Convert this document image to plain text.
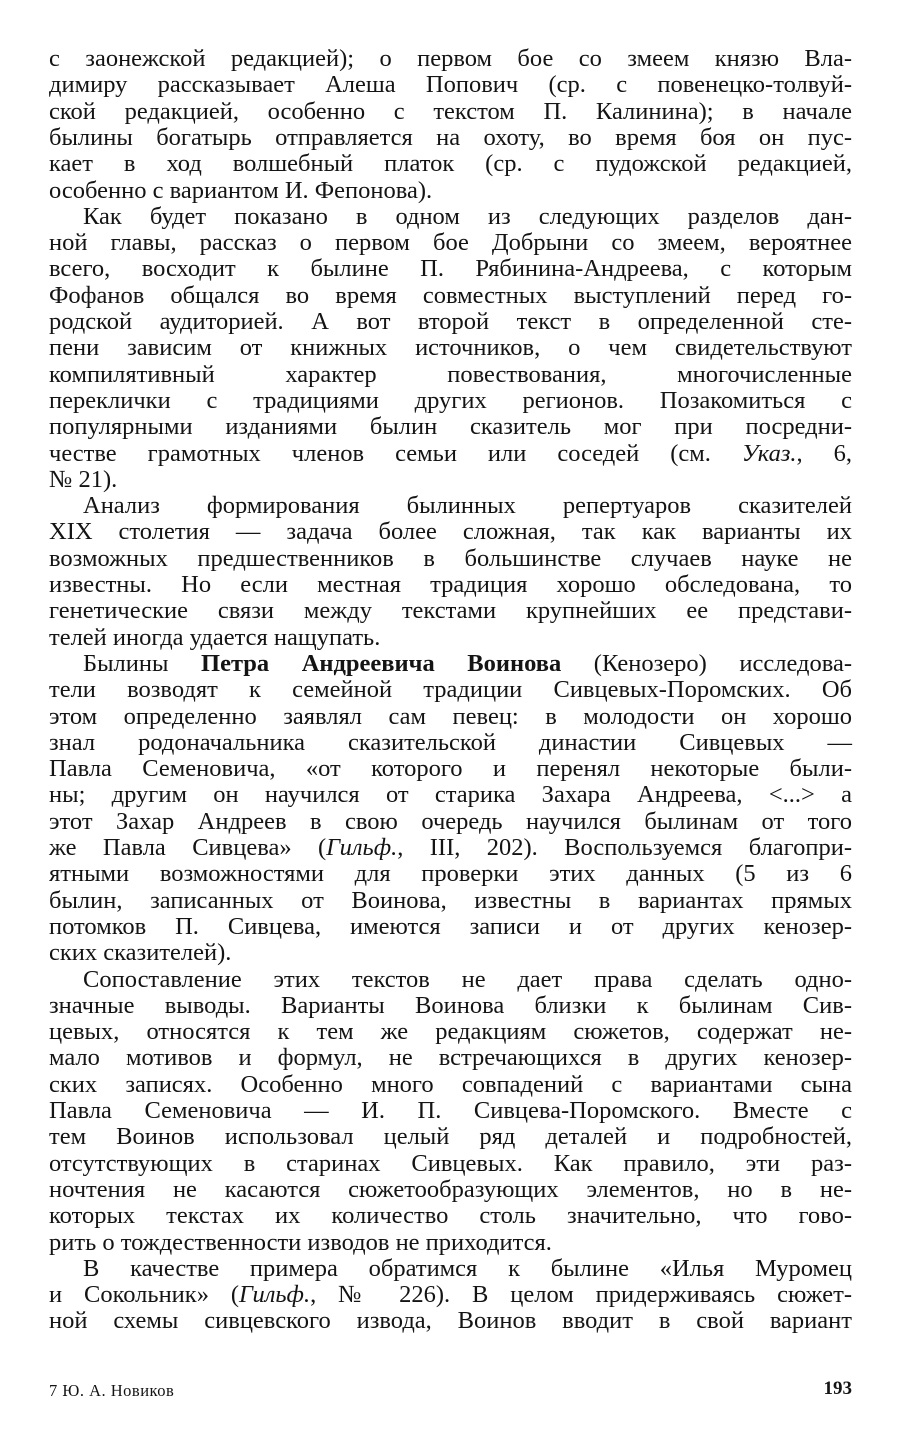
с заонежской редакцией); о первом бое со змеем князю Вла-
димиру рассказывает Алеша Попович (ср. с повенецко-толвуй-
ской редакцией, особенно с текстом П. Калинина); в начале
былины богатырь отправляется на охоту, во время боя он пус-
кает в ход волшебный платок (ср. с пудожской редакцией,
особенно с вариантом И. Фепонова).
Как будет показано в одном из следующих разделов дан-
ной главы, рассказ о первом бое Добрыни со змеем, вероятнее
всего, восходит к былине П. Рябинина-Андреева, с которым
Фофанов общался во время совместных выступлений перед го-
родской аудиторией. А вот второй текст в определенной сте-
пени зависим от книжных источников, о чем свидетельствуют
компилятивный характер повествования, многочисленные
переклички с традициями других регионов. Позакомиться с
популярными изданиями былин сказитель мог при посредни-
честве грамотных членов семьи или соседей (см. Указ., 6,
№ 21).
Анализ формирования былинных репертуаров сказителей
XIX столетия — задача более сложная, так как варианты их
возможных предшественников в большинстве случаев науке не
известны. Но если местная традиция хорошо обследована, то
генетические связи между текстами крупнейших ее представи-
телей иногда удается нащупать.
Былины Петра Андреевича Воинова (Кенозеро) исследова-
тели возводят к семейной традиции Сивцевых-Поромских. Об
этом определенно заявлял сам певец: в молодости он хорошо
знал родоначальника сказительской династии Сивцевых —
Павла Семеновича, «от которого и перенял некоторые были-
ны; другим он научился от старика Захара Андреева, <...> а
этот Захар Андреев в свою очередь научился былинам от того
же Павла Сивцева» (Гильф., III, 202). Воспользуемся благопри-
ятными возможностями для проверки этих данных (5 из 6
былин, записанных от Воинова, известны в вариантах прямых
потомков П. Сивцева, имеются записи и от других кенозер-
ских сказителей).
Сопоставление этих текстов не дает права сделать одно-
значные выводы. Варианты Воинова близки к былинам Сив-
цевых, относятся к тем же редакциям сюжетов, содержат не-
мало мотивов и формул, не встречающихся в других кенозер-
ских записях. Особенно много совпадений с вариантами сына
Павла Семеновича — И. П. Сивцева-Поромского. Вместе с
тем Воинов использовал целый ряд деталей и подробностей,
отсутствующих в старинах Сивцевых. Как правило, эти раз-
ночтения не касаются сюжетообразующих элементов, но в не-
которых текстах их количество столь значительно, что гово-
рить о тождественности изводов не приходится.
В качестве примера обратимся к былине «Илья Муромец
и Сокольник» (Гильф., № 226). В целом придерживаясь сюжет-
ной схемы сивцевского извода, Воинов вводит в свой вариант
7 Ю. А. Новиков	193
